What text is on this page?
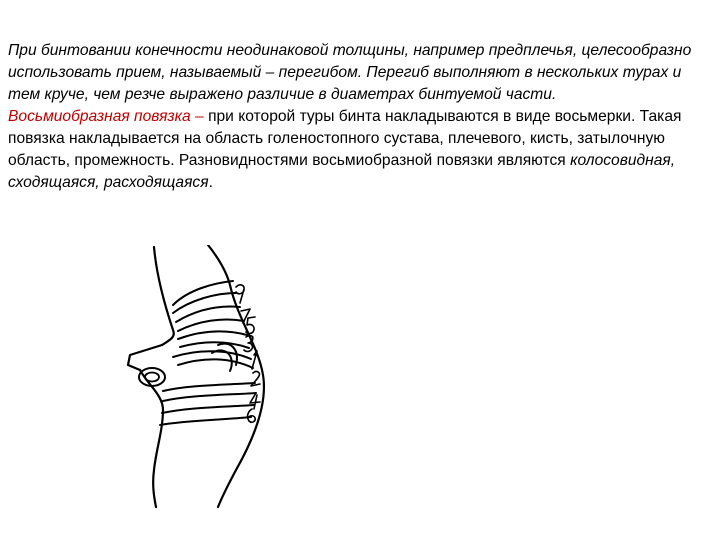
При бинтовании конечности неодинаковой толщины, например предплечья, целесообразно использовать прием, называемый – перегибом. Перегиб выполняют в нескольких турах и тем круче, чем резче выражено различие в диаметрах бинтуемой части.

Восьмиобразная повязка – при которой туры бинта накладываются в виде восьмерки. Такая повязка накладывается на область голеностопного сустава, плечевого, кисть, затылочную область, промежность. Разновидностями восьмиобразной повязки являются колосовидная, сходящаяся, расходящаяся.
